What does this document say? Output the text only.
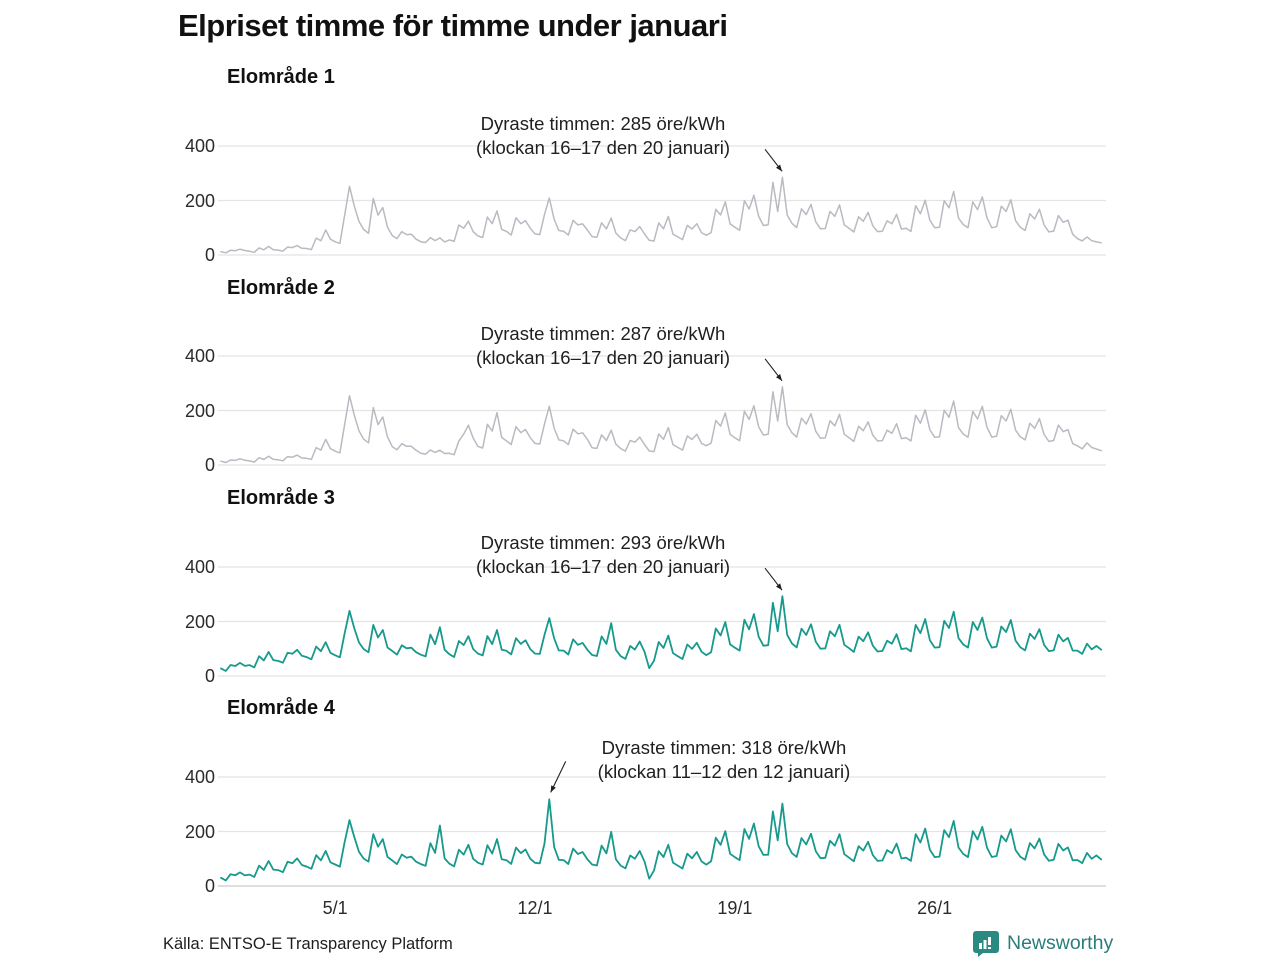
Elpriset timme för timme under januari
Elområde 1
Elområde 2
Elområde 3
Elområde 4
Dyraste timmen: 285 öre/kWh
(klockan 16–17 den 20 januari)
Dyraste timmen: 287 öre/kWh
(klockan 16–17 den 20 januari)
Dyraste timmen: 293 öre/kWh
(klockan 16–17 den 20 januari)
Dyraste timmen: 318 öre/kWh
(klockan 11–12 den 12 januari)
5/1	12/1	19/1	26/1
Källa: ENTSO-E Transparency Platform	Newsworthy
400
200
0
400
200
0
400
200
0
400
200
0
